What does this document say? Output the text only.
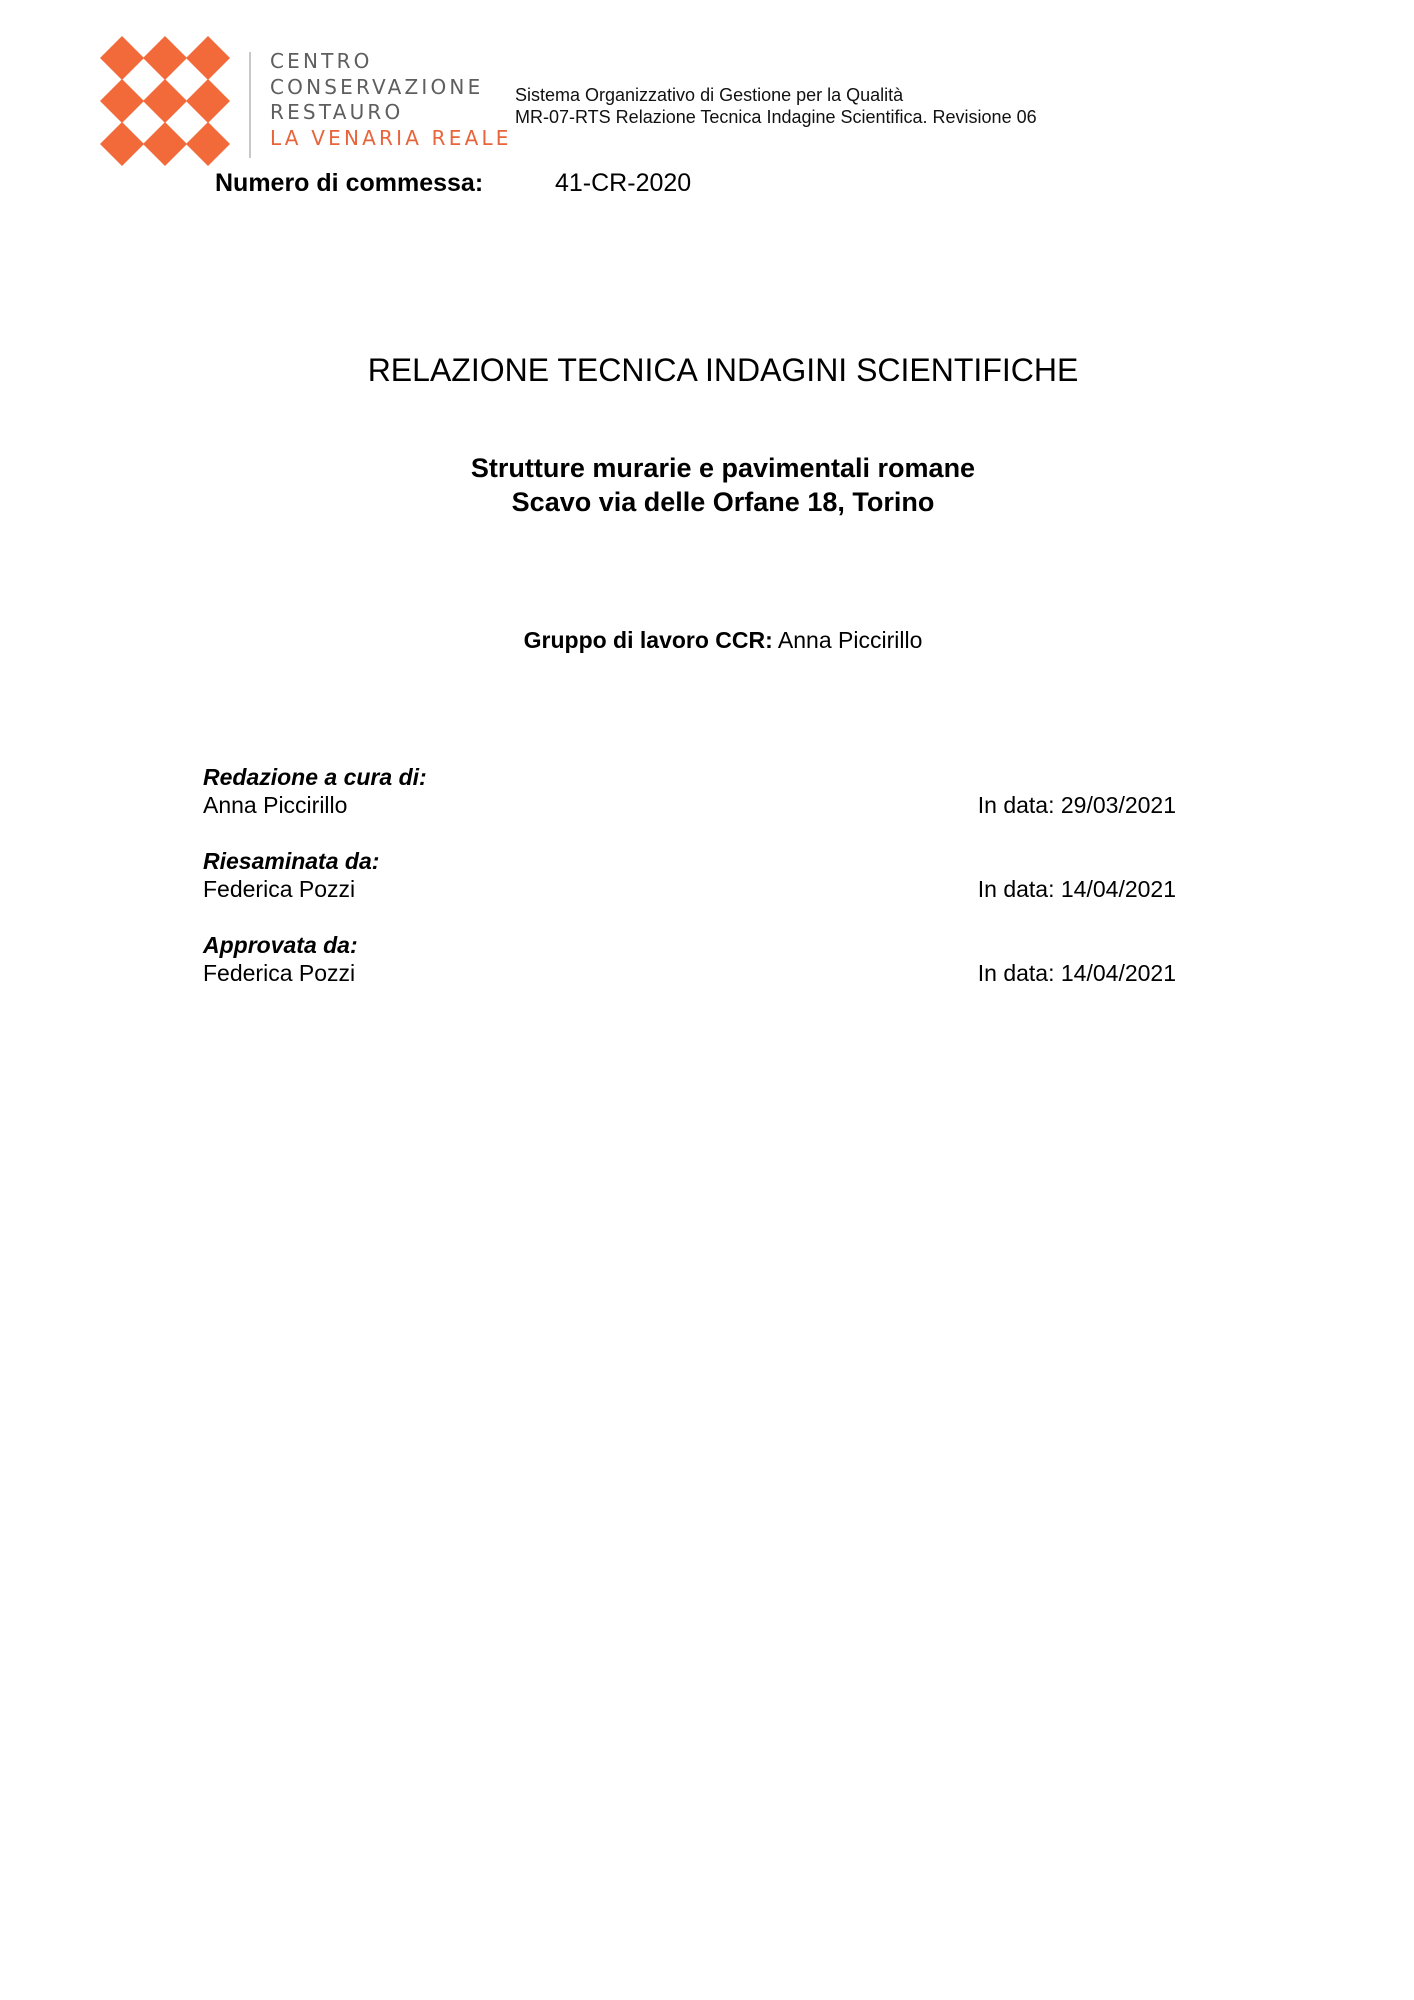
CENTRO
CONSERVAZIONE
RESTAURO
LA VENARIA REALE
Sistema Organizzativo di Gestione per la Qualità
MR-07-RTS Relazione Tecnica Indagine Scientifica. Revisione 06
Numero di commessa:	41-CR-2020
RELAZIONE TECNICA INDAGINI SCIENTIFICHE
Strutture murarie e pavimentali romane
Scavo via delle Orfane 18, Torino
Gruppo di lavoro CCR: Anna Piccirillo
Redazione a cura di:
Anna Piccirillo	In data: 29/03/2021
Riesaminata da:
Federica Pozzi	In data: 14/04/2021
Approvata da:
Federica Pozzi	In data: 14/04/2021
